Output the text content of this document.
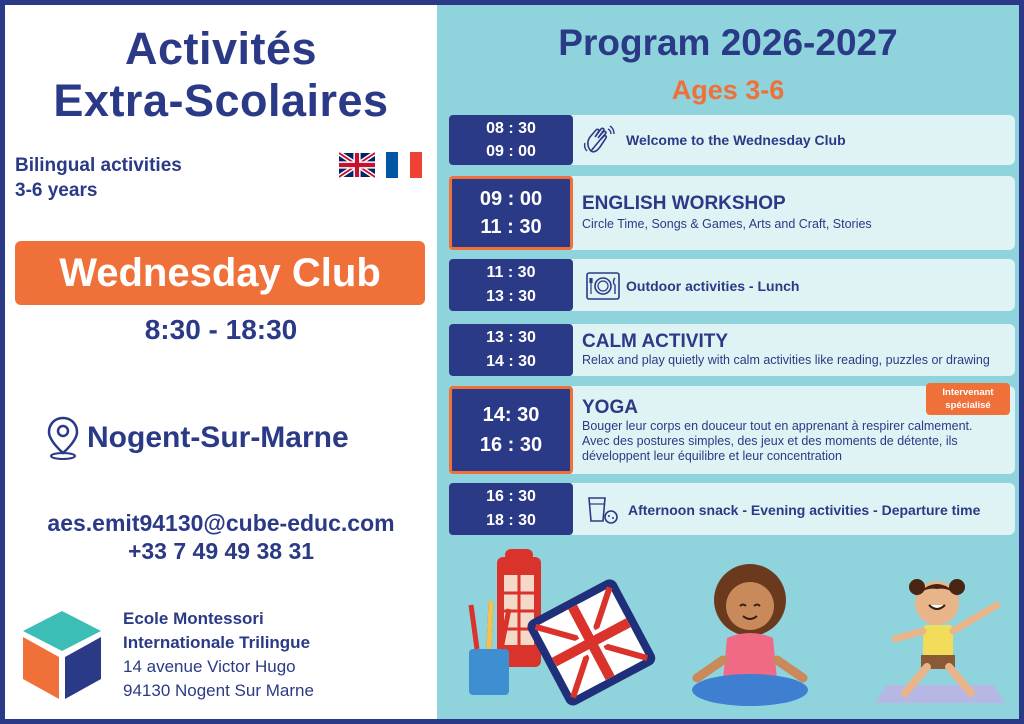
Activités
Extra-Scolaires
Bilingual activities
3-6 years
Wednesday Club
8:30 - 18:30
Nogent-Sur-Marne
aes.emit94130@cube-educ.com
+33 7 49 49 38 31
Ecole Montessori
Internationale Trilingue
14 avenue Victor Hugo
94130 Nogent Sur Marne
Program 2026-2027
Ages 3-6
08 : 30
09 : 00
Welcome to the Wednesday Club
09 : 00
11 : 30
ENGLISH WORKSHOP
Circle Time, Songs & Games, Arts and Craft, Stories
11 : 30
13 : 30
Outdoor activities - Lunch
13 : 30
14 : 30
CALM ACTIVITY
Relax and play quietly with calm activities like reading, puzzles or drawing
14: 30
16 : 30
Intervenant
spécialisé
YOGA
Bouger leur corps en douceur tout en apprenant à respirer calmement.
Avec des postures simples, des jeux et des moments de détente, ils
développent leur équilibre et leur concentration
16 : 30
18 : 30
Afternoon snack - Evening activities - Departure time
